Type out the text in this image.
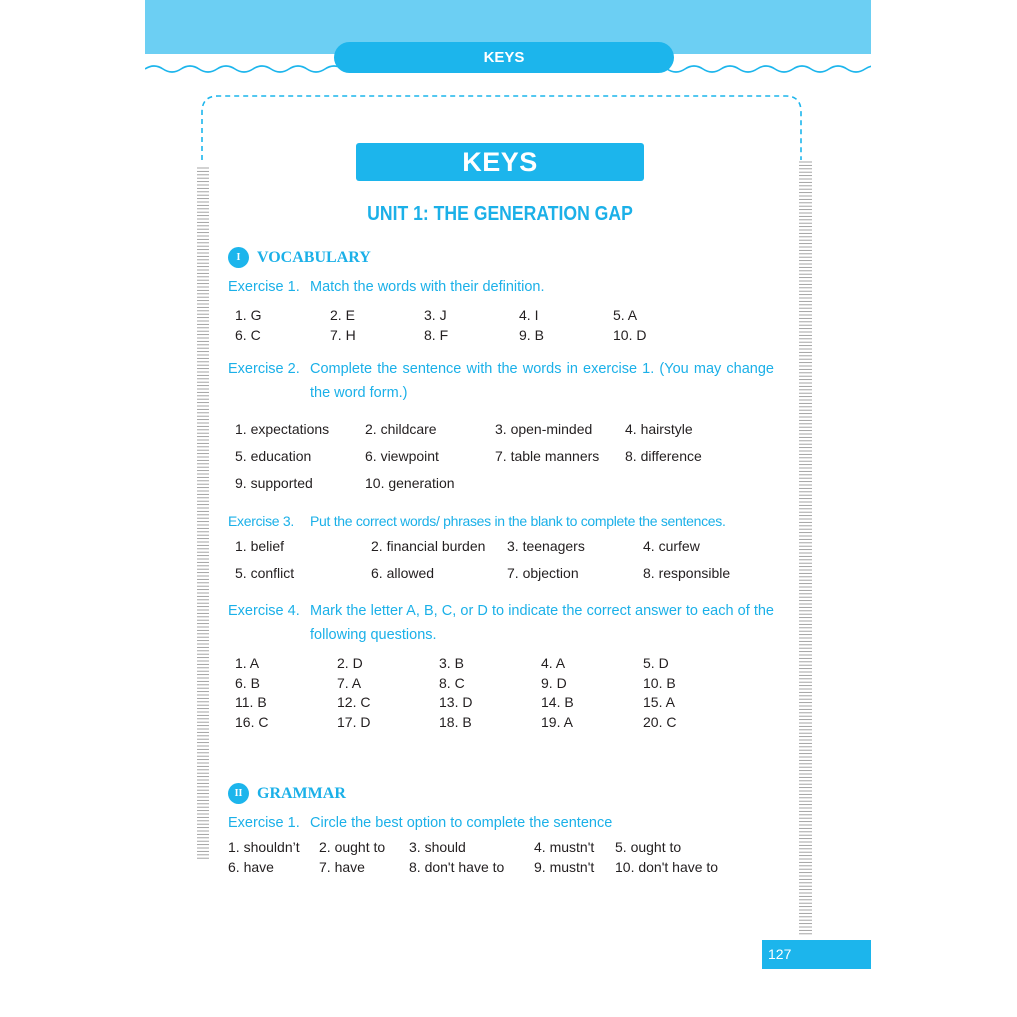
KEYS
KEYS
UNIT 1: THE GENERATION GAP
I	VOCABULARY
Exercise 1. Match the words with their definition.
1. G	2. E	3. J	4. I	5. A
6. C	7. H	8. F	9. B	10. D
Exercise 2. Complete the sentence with the words in exercise 1. (You may change the word form.)
1. expectations	2. childcare	3. open-minded 4. hairstyle
5. education	6. viewpoint	7. table manners 8. difference
9. supported	10. generation
Exercise 3.	Put the correct words/ phrases in the blank to complete the sentences.
1. belief	2. financial burden 3. teenagers	4. curfew
5. conflict	6. allowed	7. objection	8. responsible
Exercise 4. Mark the letter A, B, C, or D to indicate the correct answer to each of the following questions.
1. A	2. D	3. B	4. A	5. D
6. B	7. A	8. C	9. D	10. B
11. B	12. C	13. D	14. B	15. A
16. C	17. D	18. B	19. A	20. C
II GRAMMAR
Exercise 1. Circle the best option to complete the sentence
1. shouldn’t 2. ought to 3. should	4. mustn't 5. ought to
6. have	7. have	8. don't have to 9. mustn't 10. don't have to
127
